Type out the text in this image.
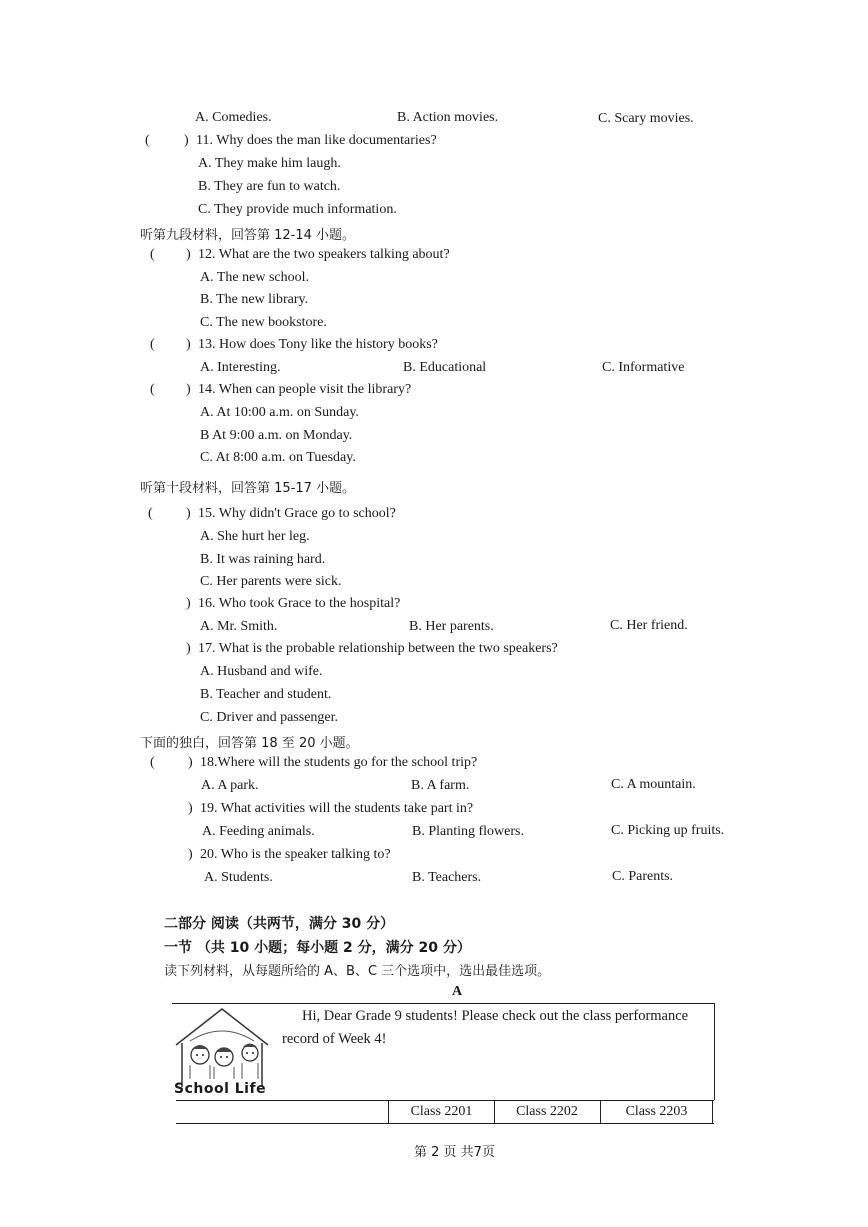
A. Comedies.	B. Action movies.	C. Scary movies.
( ) 11. Why does the man like documentaries?
A. They make him laugh.
B. They are fun to watch.
C. They provide much information.
听第九段材料，回答第 12-14 小题。
( ) 12. What are the two speakers talking about?
A. The new school.
B. The new library.
C. The new bookstore.
( ) 13. How does Tony like the history books?
A. Interesting.	B. Educational	C. Informative
( ) 14. When can people visit the library?
A. At 10:00 a.m. on Sunday.
B At 9:00 a.m. on Monday.
C. At 8:00 a.m. on Tuesday.
听第十段材料，回答第 15-17 小题。
( ) 15. Why didn't Grace go to school?
A. She hurt her leg.
B. It was raining hard.
C. Her parents were sick.
) 16. Who took Grace to the hospital?
A. Mr. Smith.	B. Her parents.	C. Her friend.
) 17. What is the probable relationship between the two speakers?
A. Husband and wife.
B. Teacher and student.
C. Driver and passenger.
下面的独白，回答第 18 至 20 小题。
( ) 18.Where will the students go for the school trip?
A. A park.	B. A farm.	C. A mountain.
) 19. What activities will the students take part in?
A. Feeding animals.	B. Planting flowers.	C. Picking up fruits.
) 20. Who is the speaker talking to?
A. Students.	B. Teachers.	C. Parents.
二部分 阅读（共两节，满分 30 分）
一节 （共 10 小题；每小题 2 分，满分 20 分）
读下列材料，从每题所给的 A、B、C 三个选项中，选出最佳选项。
A
Hi, Dear Grade 9 students! Please check out the class performance
record of Week 4!
School Life
Class 2201	Class 2202	Class 2203
第 2 页 共7页
